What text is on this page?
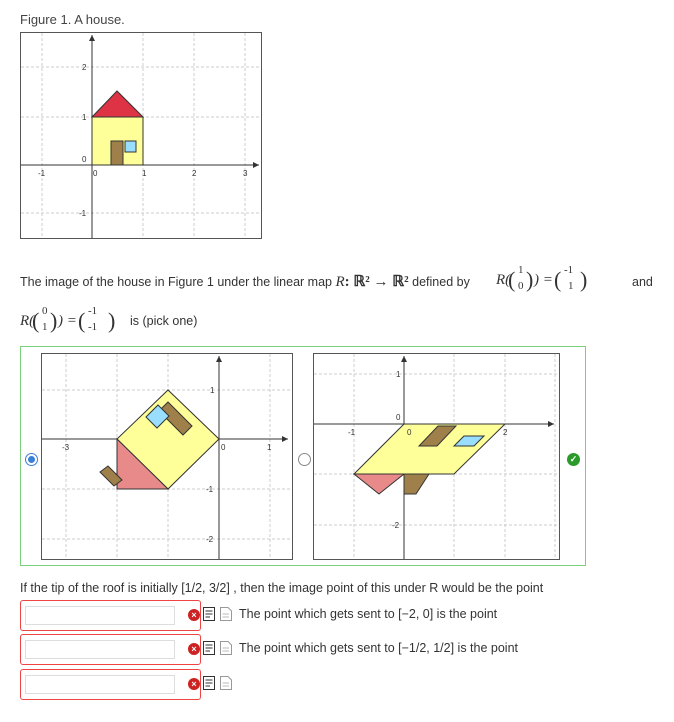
Figure 1. A house.
-1	0	1	2	3
2
1
0
-1
The image of the house in Figure 1 under the linear map R: ℝ² → ℝ² defined by R(
( 1
0 ) ) = ( -1
1 )	and
R(
( 0
1 ) ) = ( -1
-1 ) is (pick one)
-3	0	1
1
-1
-2
-1	0	2
1
0
-2
✓
If the tip of the roof is initially [1/2, 3/2] , then the image point of this under R would be the point
×	The point which gets sent to [−2, 0] is the point
×	The point which gets sent to [−1/2, 1/2] is the point
×
